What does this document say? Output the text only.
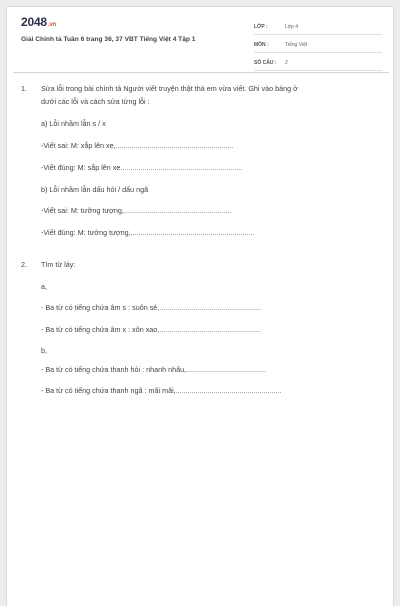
2048.vn
Giải Chính tả Tuần 6 trang 36, 37 VBT Tiếng Việt 4 Tập 1
LỚP :	Lớp 4
MÔN :	Tiếng Việt
SỐ CÂU : 2
1. Sửa lỗi trong bài chính tả Người viết truyện thật thà em vừa viết. Ghi vào bảng ở
dưới các lỗi và cách sửa từng lỗi :
a) Lỗi nhầm lẫn s / x
-Viết sai: M: xắp lên xe,...........................................................
-Viết đúng: M: sắp lên xe.............................................................
b) Lỗi nhầm lẫn dấu hỏi / dấu ngã
-Viết sai: M: tưỡng tượng,......................................................
-Viết đúng: M: tưởng tượng,..............................................................
2. Tìm từ láy:
a,
- Ba từ có tiếng chứa âm s : suôn sẻ,...................................................
- Ba từ có tiếng chứa âm x : xôn xao,...................................................
b,
- Ba từ có tiếng chứa thanh hỏi : nhanh nhẩu,........................................
- Ba từ có tiếng chứa thanh ngã : mãi mãi,.....................................................
